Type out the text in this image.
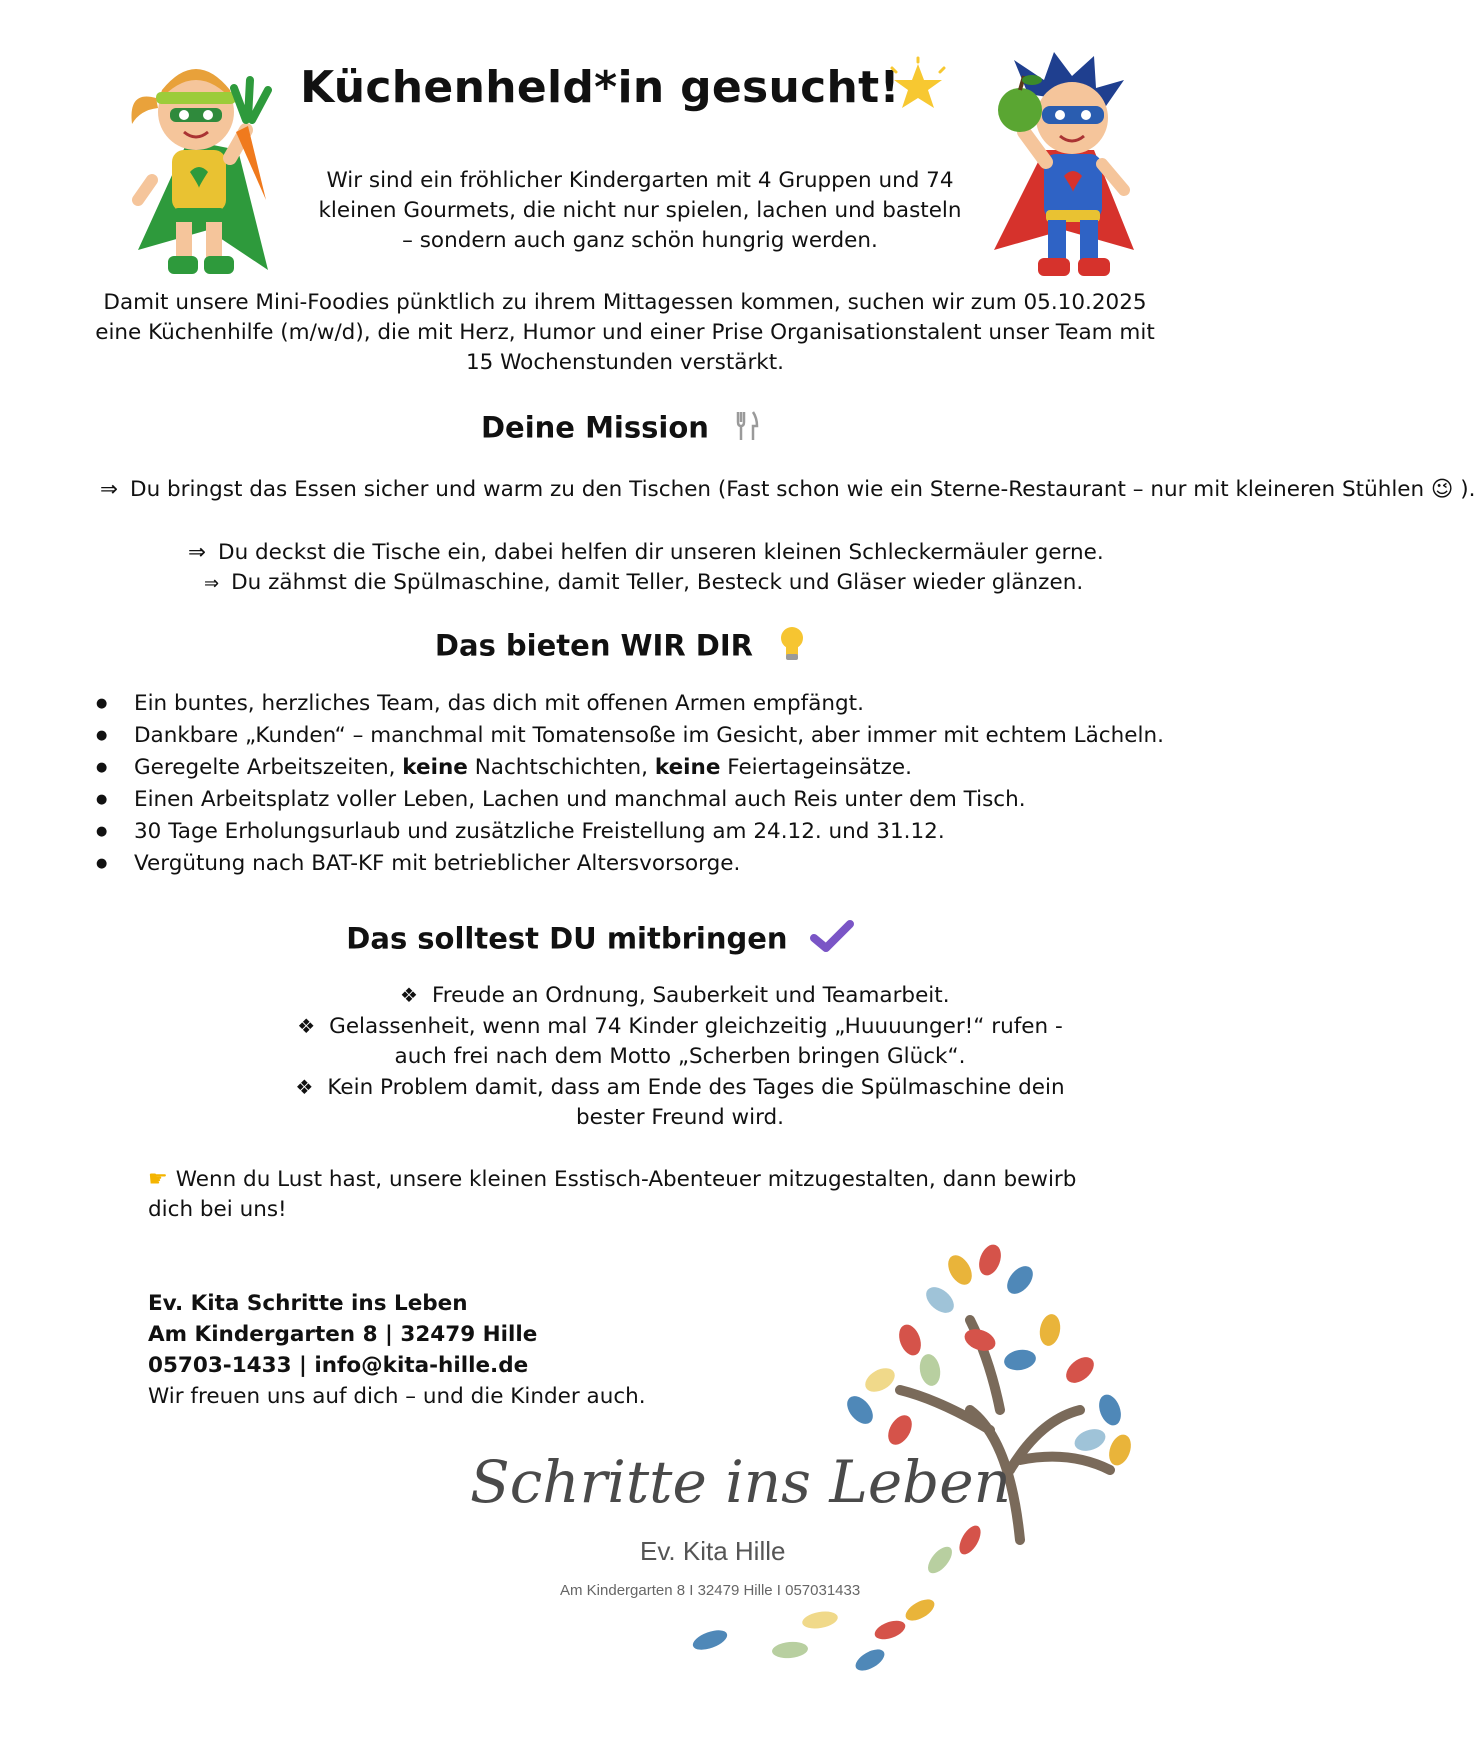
Küchenheld*in gesucht!
Wir sind ein fröhlicher Kindergarten mit 4 Gruppen und 74 kleinen Gourmets, die nicht nur spielen, lachen und basteln – sondern auch ganz schön hungrig werden.
Damit unsere Mini-Foodies pünktlich zu ihrem Mittagessen kommen, suchen wir zum 05.10.2025 eine Küchenhilfe (m/w/d), die mit Herz, Humor und einer Prise Organisationstalent unser Team mit 15 Wochenstunden verstärkt.
Deine Mission
⇒ Du bringst das Essen sicher und warm zu den Tischen (Fast schon wie ein Sterne-Restaurant – nur mit kleineren Stühlen 😉 ).
⇒ Du deckst die Tische ein, dabei helfen dir unseren kleinen Schleckermäuler gerne.
⇒ Du zähmst die Spülmaschine, damit Teller, Besteck und Gläser wieder glänzen.
Das bieten WIR DIR
● Ein buntes, herzliches Team, das dich mit offenen Armen empfängt.
● Dankbare „Kunden“ – manchmal mit Tomatensoße im Gesicht, aber immer mit echtem Lächeln.
● Geregelte Arbeitszeiten, keine Nachtschichten, keine Feiertageinsätze.
● Einen Arbeitsplatz voller Leben, Lachen und manchmal auch Reis unter dem Tisch.
● 30 Tage Erholungsurlaub und zusätzliche Freistellung am 24.12. und 31.12.
● Vergütung nach BAT-KF mit betrieblicher Altersvorsorge.
Das solltest DU mitbringen
❖ Freude an Ordnung, Sauberkeit und Teamarbeit.
❖ Gelassenheit, wenn mal 74 Kinder gleichzeitig „Huuuunger!“ rufen - auch frei nach dem Motto „Scherben bringen Glück“.
❖ Kein Problem damit, dass am Ende des Tages die Spülmaschine dein bester Freund wird.
☛ Wenn du Lust hast, unsere kleinen Esstisch-Abenteuer mitzugestalten, dann bewirb dich bei uns!
Ev. Kita Schritte ins Leben
Am Kindergarten 8 | 32479 Hille
05703-1433 | info@kita-hille.de
Wir freuen uns auf dich – und die Kinder auch.
Schritte ins Leben
Ev. Kita Hille
Am Kindergarten 8 I 32479 Hille I 057031433
